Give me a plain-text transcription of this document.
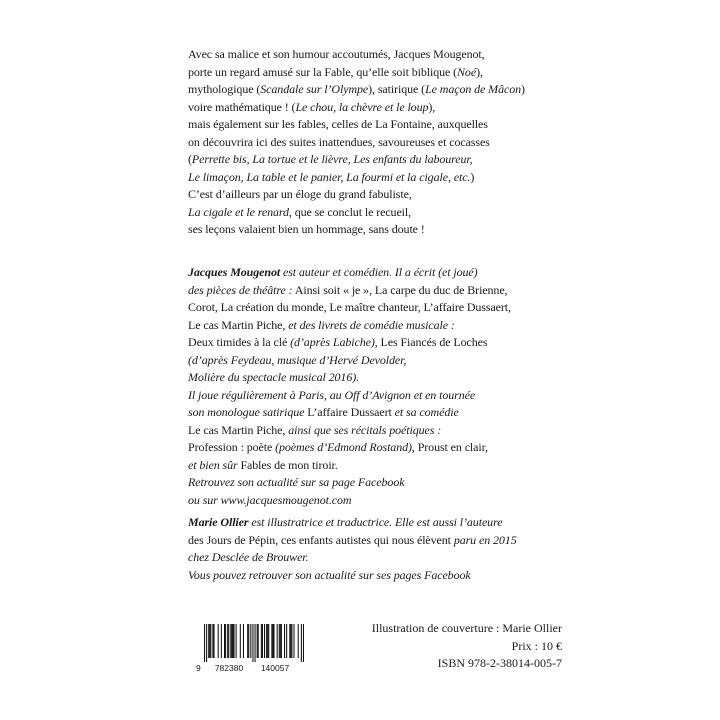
Avec sa malice et son humour accoutumés, Jacques Mougenot,
porte un regard amusé sur la Fable, qu’elle soit biblique (Noé),
mythologique (Scandale sur l’Olympe), satirique (Le maçon de Mâcon)
voire mathématique ! (Le chou, la chèvre et le loup),
mais également sur les fables, celles de La Fontaine, auxquelles
on découvrira ici des suites inattendues, savoureuses et cocasses
(Perrette bis, La tortue et le lièvre, Les enfants du laboureur,
Le limaçon, La table et le panier, La fourmi et la cigale, etc.)
C’est d’ailleurs par un éloge du grand fabuliste,
La cigale et le renard, que se conclut le recueil,
ses leçons valaient bien un hommage, sans doute !
Jacques Mougenot est auteur et comédien. Il a écrit (et joué)
des pièces de théâtre : Ainsi soit « je », La carpe du duc de Brienne,
Corot, La création du monde, Le maître chanteur, L’affaire Dussaert,
Le cas Martin Piche, et des livrets de comédie musicale :
Deux timides à la clé (d’après Labiche), Les Fiancés de Loches
(d’après Feydeau, musique d’Hervé Devolder,
Molière du spectacle musical 2016).
Il joue régulièrement à Paris, au Off d’Avignon et en tournée
son monologue satirique L’affaire Dussaert et sa comédie
Le cas Martin Piche, ainsi que ses récitals poétiques :
Profession : poète (poèmes d’Edmond Rostand), Proust en clair,
et bien sûr Fables de mon tiroir.
Retrouvez son actualité sur sa page Facebook
ou sur www.jacquesmougenot.com
Marie Ollier est illustratrice et traductrice. Elle est aussi l’auteure
des Jours de Pépin, ces enfants autistes qui nous élèvent paru en 2015
chez Desclée de Brouwer.
Vous pouvez retrouver son actualité sur ses pages Facebook
9	782380	140057
Illustration de couverture : Marie Ollier
Prix : 10 €
ISBN 978-2-38014-005-7
